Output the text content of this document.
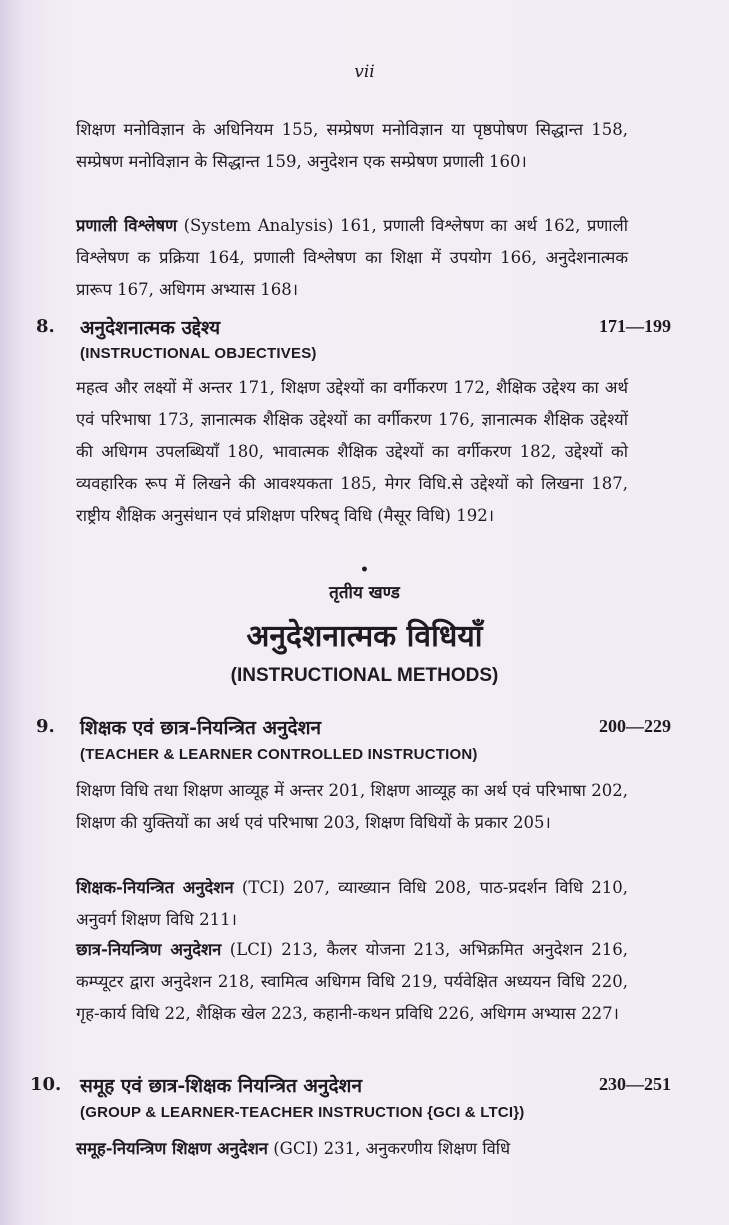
vii
शिक्षण मनोविज्ञान के अधिनियम 155, सम्प्रेषण मनोविज्ञान या पृष्ठपोषण सिद्धान्त 158, सम्प्रेषण मनोविज्ञान के सिद्धान्त 159, अनुदेशन एक सम्प्रेषण प्रणाली 160।
प्रणाली विश्लेषण (System Analysis) 161, प्रणाली विश्लेषण का अर्थ 162, प्रणाली विश्लेषण क प्रक्रिया 164, प्रणाली विश्लेषण का शिक्षा में उपयोग 166, अनुदेशनात्मक प्रारूप 167, अधिगम अभ्यास 168।
8. अनुदेशनात्मक उद्देश्य	171—199
(INSTRUCTIONAL OBJECTIVES)
महत्व और लक्ष्यों में अन्तर 171, शिक्षण उद्देश्यों का वर्गीकरण 172, शैक्षिक उद्देश्य का अर्थ एवं परिभाषा 173, ज्ञानात्मक शैक्षिक उद्देश्यों का वर्गीकरण 176, ज्ञानात्मक शैक्षिक उद्देश्यों की अधिगम उपलब्धियाँ 180, भावात्मक शैक्षिक उद्देश्यों का वर्गीकरण 182, उद्देश्यों को व्यवहारिक रूप में लिखने की आवश्यकता 185, मेगर विधि.से उद्देश्यों को लिखना 187, राष्ट्रीय शैक्षिक अनुसंधान एवं प्रशिक्षण परिषद् विधि (मैसूर विधि) 192।
•
तृतीय खण्ड
अनुदेशनात्मक विधियाँ
(INSTRUCTIONAL METHODS)
9. शिक्षक एवं छात्र-नियन्त्रित अनुदेशन	200—229
(TEACHER & LEARNER CONTROLLED INSTRUCTION)
शिक्षण विधि तथा शिक्षण आव्यूह में अन्तर 201, शिक्षण आव्यूह का अर्थ एवं परिभाषा 202, शिक्षण की युक्तियों का अर्थ एवं परिभाषा 203, शिक्षण विधियों के प्रकार 205।
शिक्षक-नियन्त्रित अनुदेशन (TCI) 207, व्याख्यान विधि 208, पाठ-प्रदर्शन विधि 210, अनुवर्ग शिक्षण विधि 211।
छात्र-नियन्त्रिण अनुदेशन (LCI) 213, कैलर योजना 213, अभिक्रमित अनुदेशन 216, कम्प्यूटर द्वारा अनुदेशन 218, स्वामित्व अधिगम विधि 219, पर्यवेक्षित अध्ययन विधि 220, गृह-कार्य विधि 22, शैक्षिक खेल 223, कहानी-कथन प्रविधि 226, अधिगम अभ्यास 227।
10. समूह एवं छात्र-शिक्षक नियन्त्रित अनुदेशन	230—251
(GROUP & LEARNER-TEACHER INSTRUCTION {GCI & LTCI})
समूह-नियन्त्रिण शिक्षण अनुदेशन (GCI) 231, अनुकरणीय शिक्षण विधि
